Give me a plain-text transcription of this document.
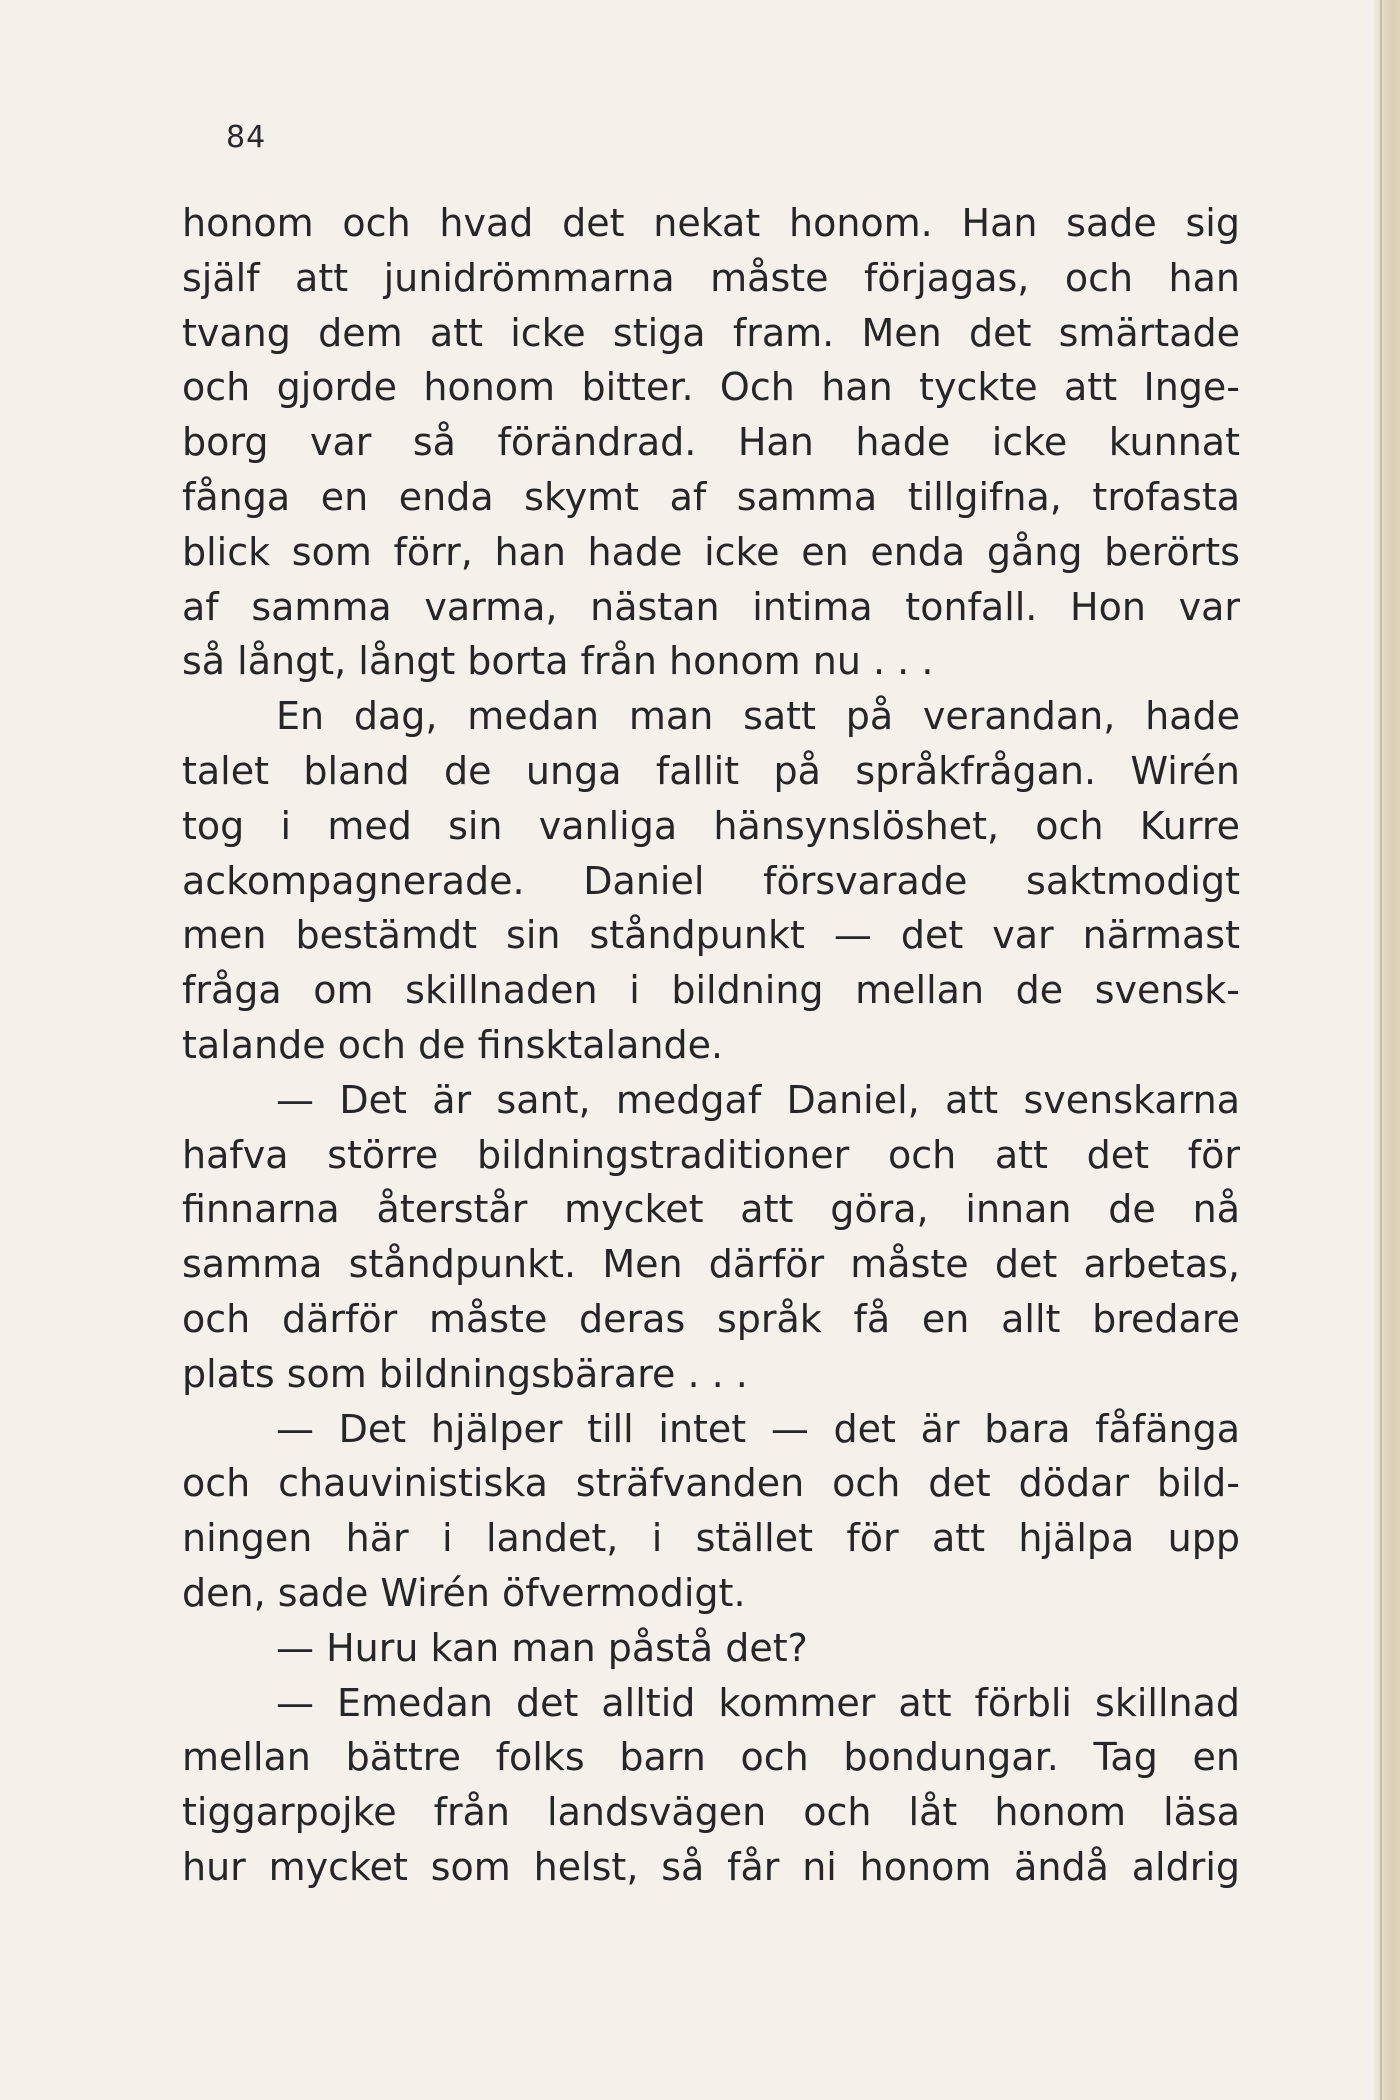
84
honom och hvad det nekat honom. Han sade sig
själf att junidrömmarna måste förjagas, och han
tvang dem att icke stiga fram. Men det smärtade
och gjorde honom bitter. Och han tyckte att Inge-
borg var så förändrad. Han hade icke kunnat
fånga en enda skymt af samma tillgifna, trofasta
blick som förr, han hade icke en enda gång berörts
af samma varma, nästan intima tonfall. Hon var
så långt, långt borta från honom nu . . .
En dag, medan man satt på verandan, hade
talet bland de unga fallit på språkfrågan. Wirén
tog i med sin vanliga hänsynslöshet, och Kurre
ackompagnerade. Daniel försvarade saktmodigt
men bestämdt sin ståndpunkt — det var närmast
fråga om skillnaden i bildning mellan de svensk-
talande och de finsktalande.
— Det är sant, medgaf Daniel, att svenskarna
hafva större bildningstraditioner och att det för
finnarna återstår mycket att göra, innan de nå
samma ståndpunkt. Men därför måste det arbetas,
och därför måste deras språk få en allt bredare
plats som bildningsbärare . . .
— Det hjälper till intet — det är bara fåfänga
och chauvinistiska sträfvanden och det dödar bild-
ningen här i landet, i stället för att hjälpa upp
den, sade Wirén öfvermodigt.
— Huru kan man påstå det?
— Emedan det alltid kommer att förbli skillnad
mellan bättre folks barn och bondungar. Tag en
tiggarpojke från landsvägen och låt honom läsa
hur mycket som helst, så får ni honom ändå aldrig
